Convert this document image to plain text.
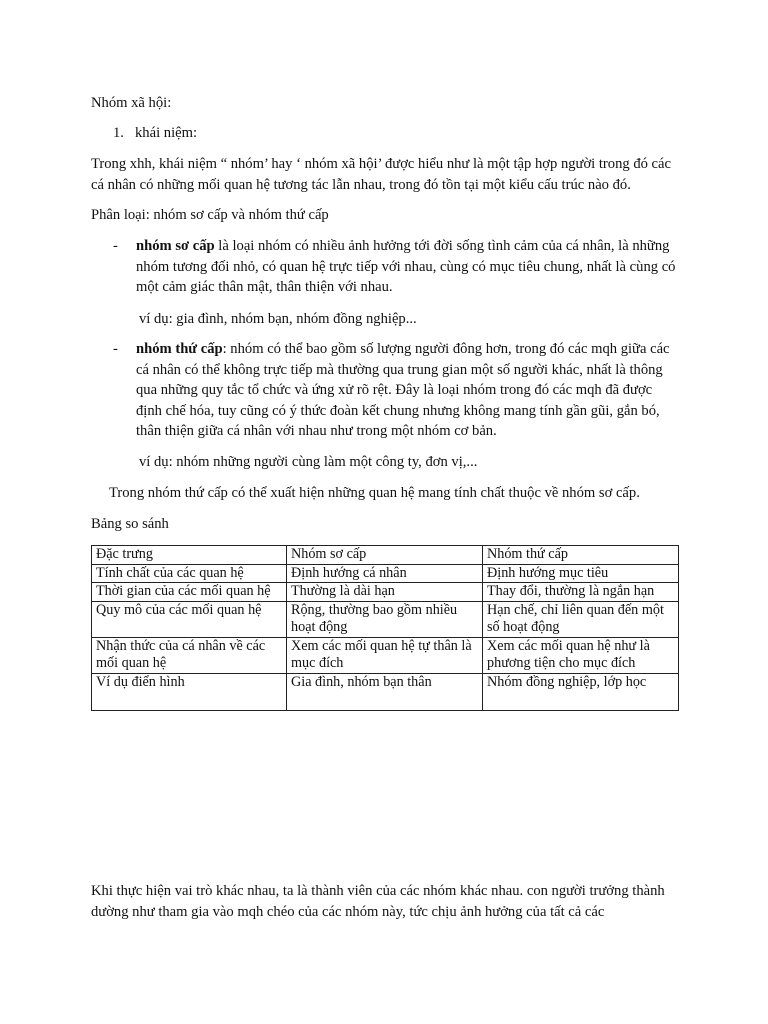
Nhóm xã hội:

1. khái niệm:

Trong xhh, khái niệm “ nhóm’ hay ‘ nhóm xã hội’ được hiểu như là một tập hợp người trong đó các cá nhân có những mối quan hệ tương tác lẫn nhau, trong đó tồn tại một kiểu cấu trúc nào đó.

Phân loại: nhóm sơ cấp và nhóm thứ cấp

- nhóm sơ cấp là loại nhóm có nhiều ảnh hưởng tới đời sống tình cảm của cá nhân, là những nhóm tương đối nhỏ, có quan hệ trực tiếp với nhau, cùng có mục tiêu chung, nhất là cùng có một cảm giác thân mật, thân thiện với nhau.

ví dụ: gia đình, nhóm bạn, nhóm đồng nghiệp...

- nhóm thứ cấp: nhóm có thể bao gồm số lượng người đông hơn, trong đó các mqh giữa các cá nhân có thể không trực tiếp mà thường qua trung gian một số người khác, nhất là thông qua những quy tắc tổ chức và ứng xử rõ rệt. Đây là loại nhóm trong đó các mqh đã được định chế hóa, tuy cũng có ý thức đoàn kết chung nhưng không mang tính gần gũi, gắn bó, thân thiện giữa cá nhân với nhau như trong một nhóm cơ bản.

ví dụ: nhóm những người cùng làm một công ty, đơn vị,...

Trong nhóm thứ cấp có thể xuất hiện những quan hệ mang tính chất thuộc về nhóm sơ cấp.

Bảng so sánh

Đặc trưng	Nhóm sơ cấp	Nhóm thứ cấp
Tính chất của các quan hệ	Định hướng cá nhân	Định hướng mục tiêu
Thời gian của các mối quan hệ	Thường là dài hạn	Thay đổi, thường là ngắn hạn
Quy mô của các mối quan hệ	Rộng, thường bao gồm nhiều hoạt động	Hạn chế, chỉ liên quan đến một số hoạt động
Nhận thức của cá nhân về các mối quan hệ	Xem các mối quan hệ tự thân là mục đích	Xem các mối quan hệ như là phương tiện cho mục đích
Ví dụ điển hình	Gia đình, nhóm bạn thân	Nhóm đồng nghiệp, lớp học

Khi thực hiện vai trò khác nhau, ta là thành viên của các nhóm khác nhau. con người trưởng thành dường như tham gia vào mqh chéo của các nhóm này, tức chịu ảnh hưởng của tất cả các
